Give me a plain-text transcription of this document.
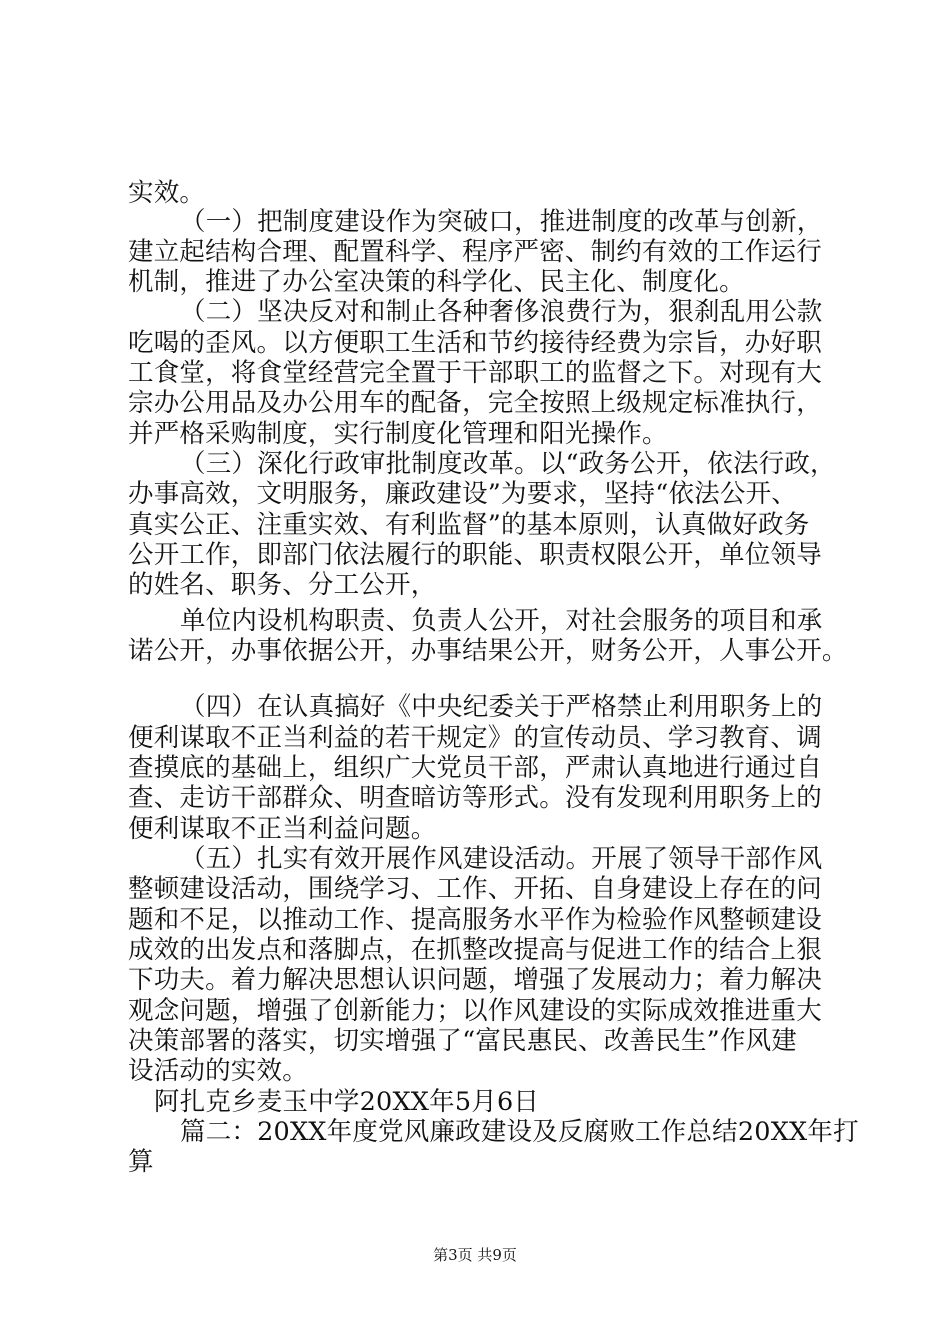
实效。
（一）把制度建设作为突破口，推进制度的改革与创新，
建立起结构合理、配置科学、程序严密、制约有效的工作运行
机制，推进了办公室决策的科学化、民主化、制度化。
（二）坚决反对和制止各种奢侈浪费行为，狠刹乱用公款
吃喝的歪风。以方便职工生活和节约接待经费为宗旨，办好职
工食堂，将食堂经营完全置于干部职工的监督之下。对现有大
宗办公用品及办公用车的配备，完全按照上级规定标准执行，
并严格采购制度，实行制度化管理和阳光操作。
（三）深化行政审批制度改革。以“政务公开，依法行政，
办事高效，文明服务，廉政建设”为要求，坚持“依法公开、
真实公正、注重实效、有利监督”的基本原则，认真做好政务
公开工作，即部门依法履行的职能、职责权限公开，单位领导
的姓名、职务、分工公开，
单位内设机构职责、负责人公开，对社会服务的项目和承
诺公开，办事依据公开，办事结果公开，财务公开，人事公开。
（四）在认真搞好《中央纪委关于严格禁止利用职务上的
便利谋取不正当利益的若干规定》的宣传动员、学习教育、调
查摸底的基础上，组织广大党员干部，严肃认真地进行通过自
查、走访干部群众、明查暗访等形式。没有发现利用职务上的
便利谋取不正当利益问题。
（五）扎实有效开展作风建设活动。开展了领导干部作风
整顿建设活动，围绕学习、工作、开拓、自身建设上存在的问
题和不足，以推动工作、提高服务水平作为检验作风整顿建设
成效的出发点和落脚点，在抓整改提高与促进工作的结合上狠
下功夫。着力解决思想认识问题，增强了发展动力；着力解决
观念问题，增强了创新能力；以作风建设的实际成效推进重大
决策部署的落实，切实增强了“富民惠民、改善民生”作风建
设活动的实效。
阿扎克乡麦玉中学20XX年5月6日
篇二：20XX年度党风廉政建设及反腐败工作总结20XX年打
算
第3页 共9页
